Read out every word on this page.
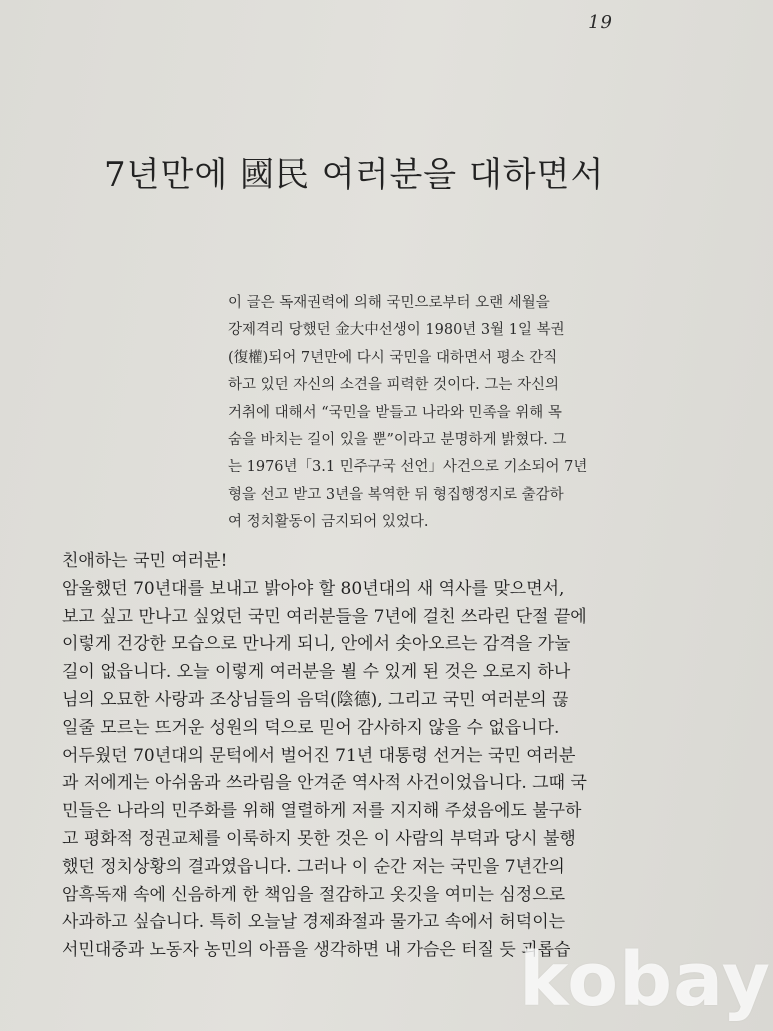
19
7년만에 國民 여러분을 대하면서
이 글은 독재권력에 의해 국민으로부터 오랜 세월을
강제격리 당했던 金大中선생이 1980년 3월 1일 복권
(復權)되어 7년만에 다시 국민을 대하면서 평소 간직
하고 있던 자신의 소견을 피력한 것이다. 그는 자신의
거취에 대해서 “국민을 받들고 나라와 민족을 위해 목
숨을 바치는 길이 있을 뿐”이라고 분명하게 밝혔다. 그
는 1976년「3.1 민주구국 선언」사건으로 기소되어 7년
형을 선고 받고 3년을 복역한 뒤 형집행정지로 출감하
여 정치활동이 금지되어 있었다.
친애하는 국민 여러분!
암울했던 70년대를 보내고 밝아야 할 80년대의 새 역사를 맞으면서,
보고 싶고 만나고 싶었던 국민 여러분들을 7년에 걸친 쓰라린 단절 끝에
이렇게 건강한 모습으로 만나게 되니, 안에서 솟아오르는 감격을 가눌
길이 없읍니다. 오늘 이렇게 여러분을 뵐 수 있게 된 것은 오로지 하나
님의 오묘한 사랑과 조상님들의 음덕(陰德), 그리고 국민 여러분의 끊
일줄 모르는 뜨거운 성원의 덕으로 믿어 감사하지 않을 수 없읍니다.
어두웠던 70년대의 문턱에서 벌어진 71년 대통령 선거는 국민 여러분
과 저에게는 아쉬움과 쓰라림을 안겨준 역사적 사건이었읍니다. 그때 국
민들은 나라의 민주화를 위해 열렬하게 저를 지지해 주셨음에도 불구하
고 평화적 정권교체를 이룩하지 못한 것은 이 사람의 부덕과 당시 불행
했던 정치상황의 결과였읍니다. 그러나 이 순간 저는 국민을 7년간의
암흑독재 속에 신음하게 한 책임을 절감하고 옷깃을 여미는 심정으로
사과하고 싶습니다. 특히 오늘날 경제좌절과 물가고 속에서 허덕이는
서민대중과 노동자 농민의 아픔을 생각하면 내 가슴은 터질 듯 괴롭습
kobay
